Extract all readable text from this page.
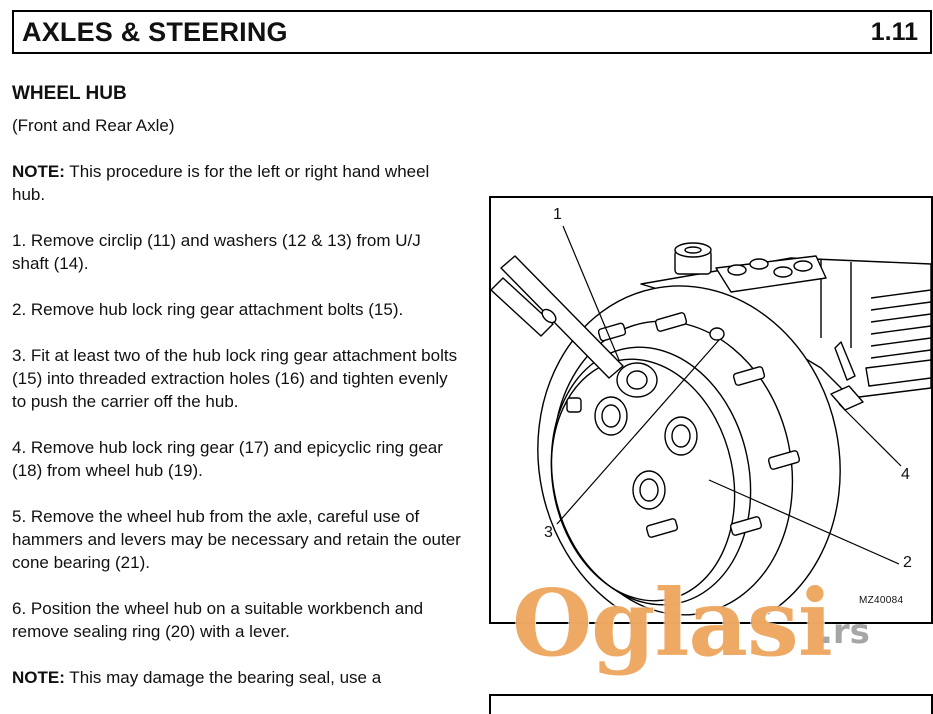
AXLES & STEERING	1.11
WHEEL HUB
(Front and Rear Axle)
NOTE: This procedure is for the left or right hand wheel hub.
1. Remove circlip (11) and washers (12 & 13) from U/J shaft (14).
2. Remove hub lock ring gear attachment bolts (15).
3. Fit at least two of the hub lock ring gear attachment bolts (15) into threaded extraction holes (16) and tighten evenly to push the carrier off the hub.
4. Remove hub lock ring gear (17) and epicyclic ring gear (18) from wheel hub (19).
5. Remove the wheel hub from the axle, careful use of hammers and levers may be necessary and retain the outer cone bearing (21).
6. Position the wheel hub on a suitable workbench and remove sealing ring (20) with a lever.
NOTE: This may damage the bearing seal, use a
1
2
3
4
MZ40084
Oglasi
.rs
